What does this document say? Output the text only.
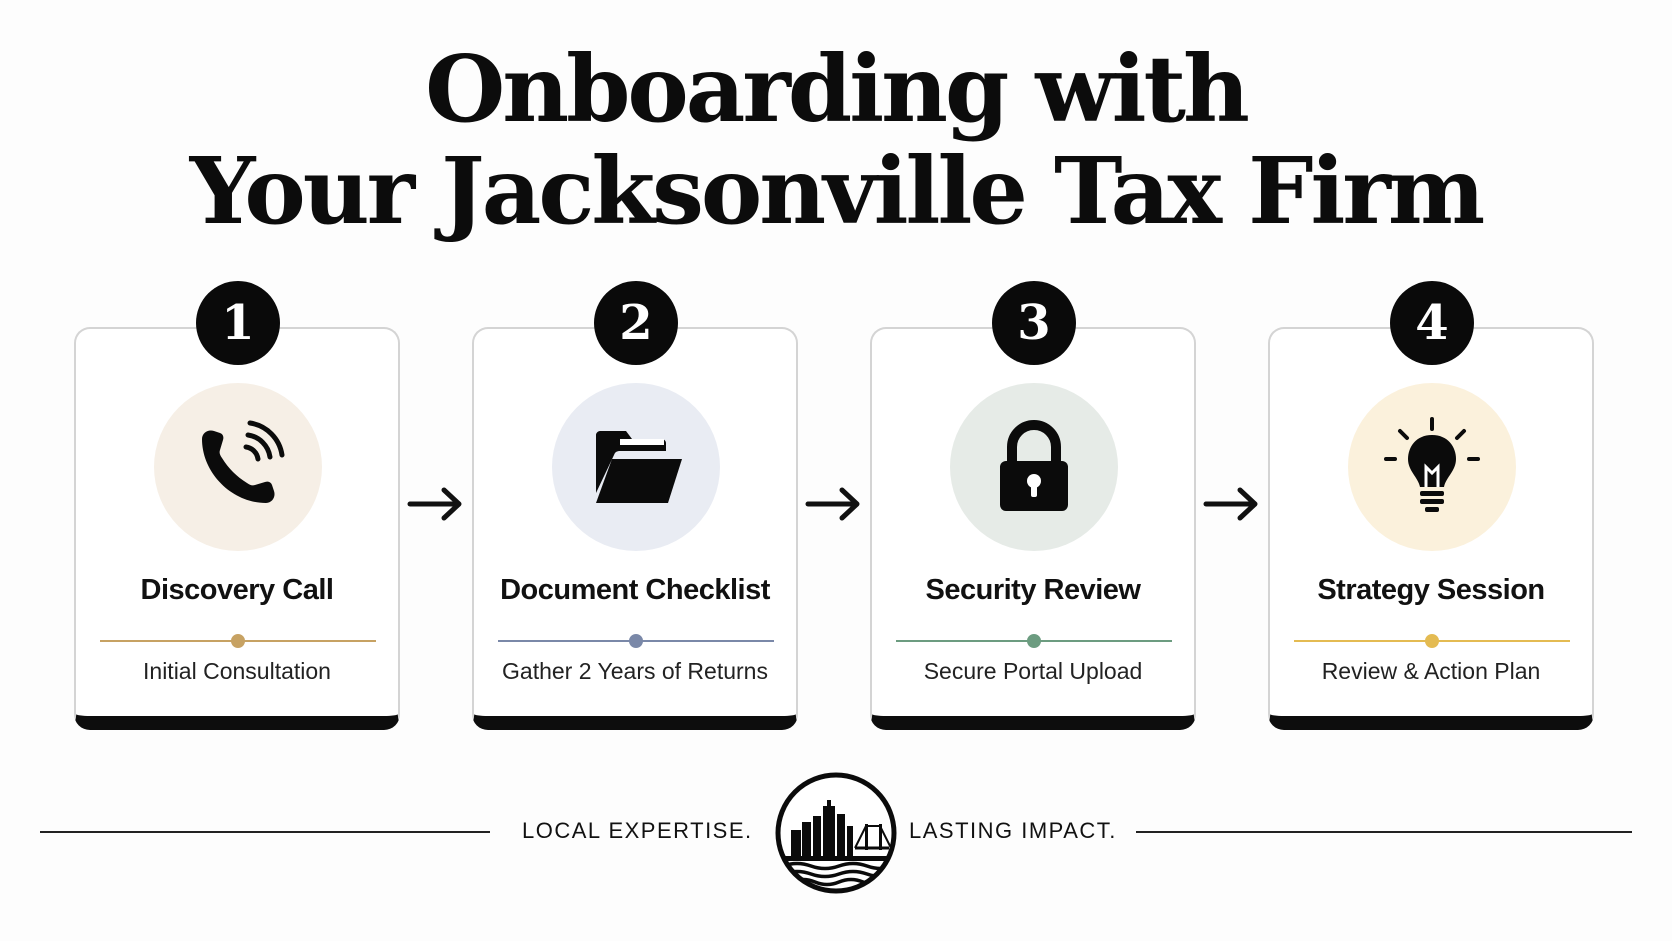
Onboarding with
Your Jacksonville Tax Firm
Discovery Call
Initial Consultation
1
Document Checklist
Gather 2 Years of Returns
2
Security Review
Secure Portal Upload
3
Strategy Session
Review & Action Plan
4
LOCAL EXPERTISE.	LASTING IMPACT.
